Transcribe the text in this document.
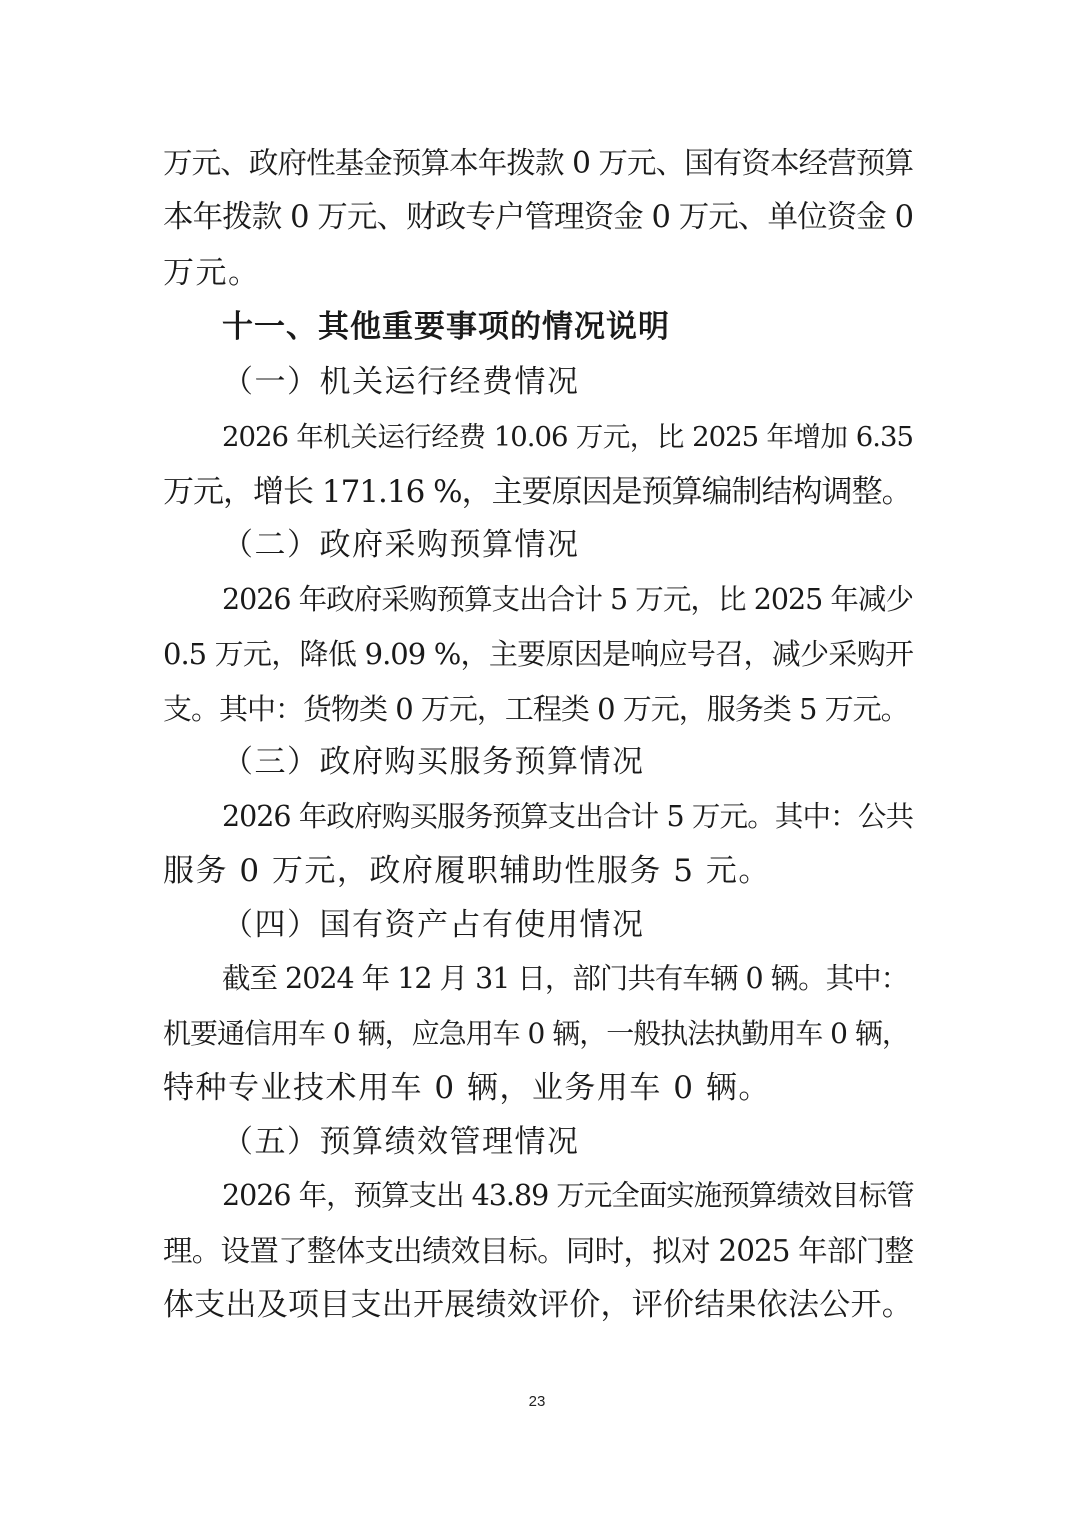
万元、政府性基金预算本年拨款 0 万元、国有资本经营预算
本年拨款 0 万元、财政专户管理资金 0 万元、单位资金 0
万元。
十一、其他重要事项的情况说明
（一）机关运行经费情况
2026 年机关运行经费 10.06 万元，比 2025 年增加 6.35
万元，增长 171.16 %，主要原因是预算编制结构调整。
（二）政府采购预算情况
2026 年政府采购预算支出合计 5 万元，比 2025 年减少
0.5 万元，降低 9.09 %，主要原因是响应号召，减少采购开
支。其中：货物类 0 万元，工程类 0 万元，服务类 5 万元。
（三）政府购买服务预算情况
2026 年政府购买服务预算支出合计 5 万元。其中：公共
服务 0 万元，政府履职辅助性服务 5 元。
（四）国有资产占有使用情况
截至 2024 年 12 月 31 日，部门共有车辆 0 辆。其中：
机要通信用车 0 辆，应急用车 0 辆，一般执法执勤用车 0 辆，
特种专业技术用车 0 辆，业务用车 0 辆。
（五）预算绩效管理情况
2026 年，预算支出 43.89 万元全面实施预算绩效目标管
理。设置了整体支出绩效目标。同时，拟对 2025 年部门整
体支出及项目支出开展绩效评价，评价结果依法公开。
23
